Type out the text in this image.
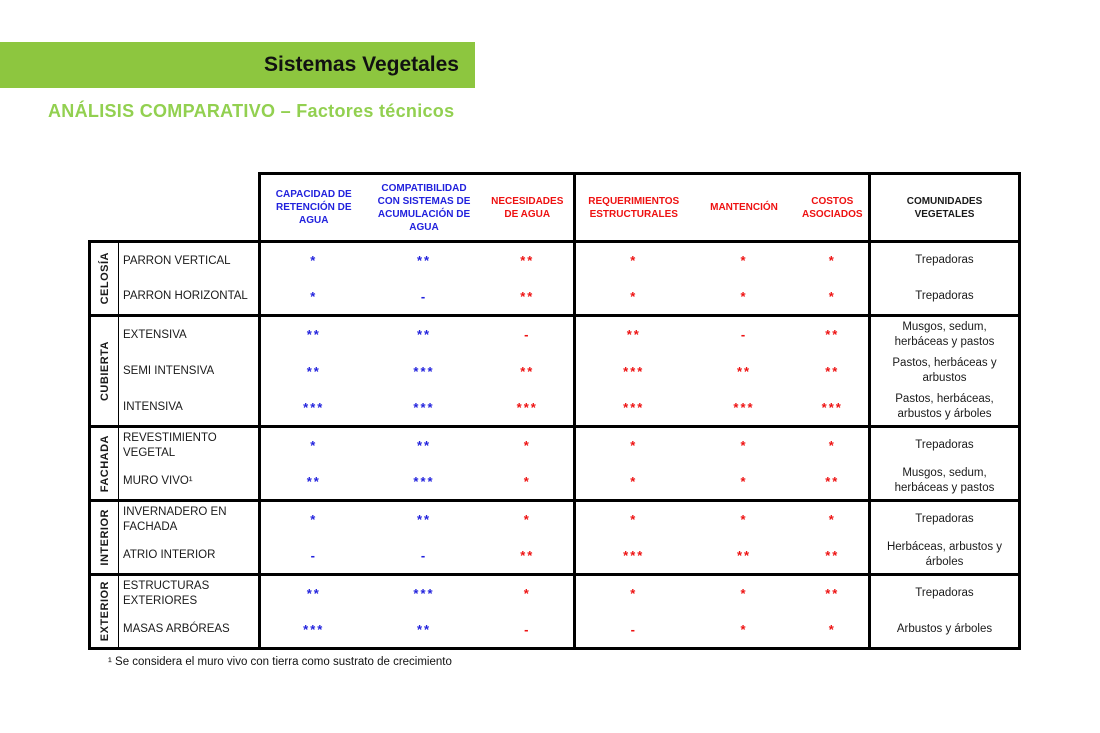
Sistemas Vegetales
ANÁLISIS COMPARATIVO – Factores técnicos
		CAPACIDAD DE RETENCIÓN DE AGUA	COMPATIBILIDAD CON SISTEMAS DE ACUMULACIÓN DE AGUA	NECESIDADES DE AGUA	REQUERIMIENTOS ESTRUCTURALES	MANTENCIÓN	COSTOS ASOCIADOS	COMUNIDADES VEGETALES

CELOSÍA	PARRON VERTICAL	*	**	**	*	*	*	Trepadoras
	PARRON HORIZONTAL	*	-	**	*	*	*	Trepadoras

CUBIERTA	EXTENSIVA	**	**	-	**	-	**	Musgos, sedum, herbáceas y pastos
	SEMI INTENSIVA	**	***	**	***	**	**	Pastos, herbáceas y arbustos
	INTENSIVA	***	***	***	***	***	***	Pastos, herbáceas, arbustos y árboles

FACHADA	REVESTIMIENTO VEGETAL	*	**	*	*	*	*	Trepadoras
	MURO VIVO¹	**	***	*	*	*	**	Musgos, sedum, herbáceas y pastos

INTERIOR	INVERNADERO EN FACHADA	*	**	*	*	*	*	Trepadoras
	ATRIO INTERIOR	-	-	**	***	**	**	Herbáceas, arbustos y árboles

EXTERIOR	ESTRUCTURAS EXTERIORES	**	***	*	*	*	**	Trepadoras
	MASAS ARBÓREAS	***	**	-	-	*	*	Arbustos y árboles
¹ Se considera el muro vivo con tierra como sustrato de crecimiento
